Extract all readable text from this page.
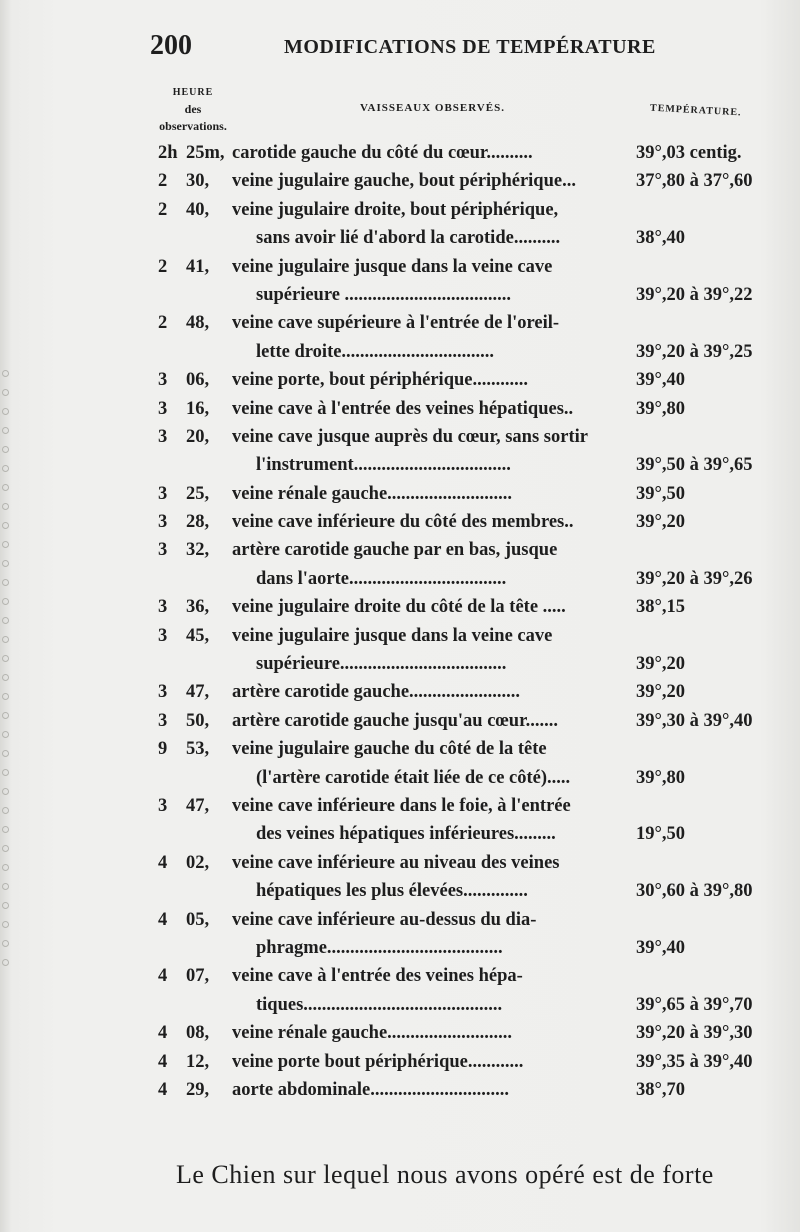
200	MODIFICATIONS DE TEMPÉRATURE
HEURE
des
observations.
VAISSEAUX OBSERVÉS.	TEMPÉRATURE.
2h 25m, carotide gauche du côté du cœur..........	39°,03 centig.
2	30, veine jugulaire gauche, bout périphérique...	37°,80 à 37°,60
2	40, veine jugulaire droite, bout périphérique,
sans avoir lié d'abord la carotide..........	38°,40
2	41, veine jugulaire jusque dans la veine cave
supérieure ....................................	39°,20 à 39°,22
2	48, veine cave supérieure à l'entrée de l'oreil-
lette droite.................................	39°,20 à 39°,25
3	06, veine porte, bout périphérique............	39°,40
3	16, veine cave à l'entrée des veines hépatiques..	39°,80
3	20, veine cave jusque auprès du cœur, sans sortir
l'instrument..................................	39°,50 à 39°,65
3	25, veine rénale gauche...........................	39°,50
3	28, veine cave inférieure du côté des membres..	39°,20
3	32, artère carotide gauche par en bas, jusque
dans l'aorte..................................	39°,20 à 39°,26
3	36, veine jugulaire droite du côté de la tête .....	38°,15
3	45, veine jugulaire jusque dans la veine cave
supérieure....................................	39°,20
3	47, artère carotide gauche........................	39°,20
3	50, artère carotide gauche jusqu'au cœur.......	39°,30 à 39°,40
9	53, veine jugulaire gauche du côté de la tête
(l'artère carotide était liée de ce côté).....	39°,80
3	47, veine cave inférieure dans le foie, à l'entrée
des veines hépatiques inférieures.........	19°,50
4	02, veine cave inférieure au niveau des veines
hépatiques les plus élevées..............	30°,60 à 39°,80
4	05, veine cave inférieure au-dessus du dia-
phragme......................................	39°,40
4	07, veine cave à l'entrée des veines hépa-
tiques...........................................	39°,65 à 39°,70
4	08, veine rénale gauche...........................	39°,20 à 39°,30
4	12, veine porte bout périphérique............	39°,35 à 39°,40
4	29, aorte abdominale..............................	38°,70
Le Chien sur lequel nous avons opéré est de forte
